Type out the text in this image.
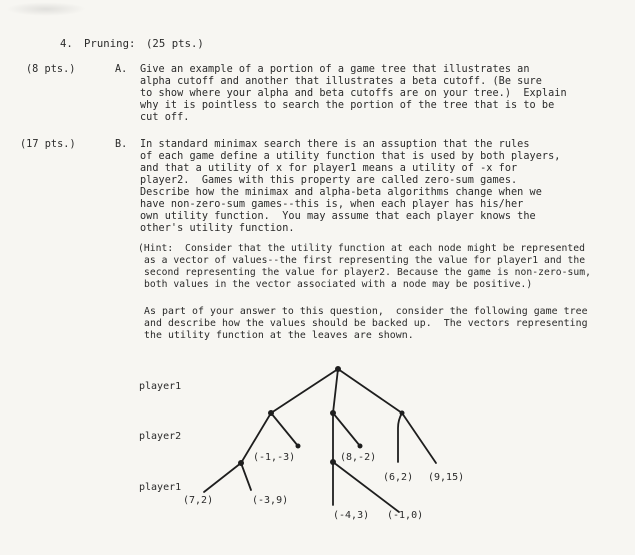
4. Pruning: (25 pts.)
(8 pts.)	A. Give an example of a portion of a game tree that illustrates an
alpha cutoff and another that illustrates a beta cutoff. (Be sure
to show where your alpha and beta cutoffs are on your tree.)  Explain
why it is pointless to search the portion of the tree that is to be
cut off.
(17 pts.)	B. In standard minimax search there is an assuption that the rules
of each game define a utility function that is used by both players,
and that a utility of x for player1 means a utility of -x for
player2.  Games with this property are called zero-sum games.
Describe how the minimax and alpha-beta algorithms change when we
have non-zero-sum games--this is, when each player has his/her
own utility function.  You may assume that each player knows the
other's utility function.
(Hint:  Consider that the utility function at each node might be represented
as a vector of values--the first representing the value for player1 and the
second representing the value for player2. Because the game is non-zero-sum,
both values in the vector associated with a node may be positive.)
As part of your answer to this question,  consider the following game tree
and describe how the values should be backed up.  The vectors representing
the utility function at the leaves are shown.
player1
player2
player1
(7,2)	(-3,9)
(-1,-3)	(8,-2)
(-4,3) (-1,0)
(6,2) (9,15)
